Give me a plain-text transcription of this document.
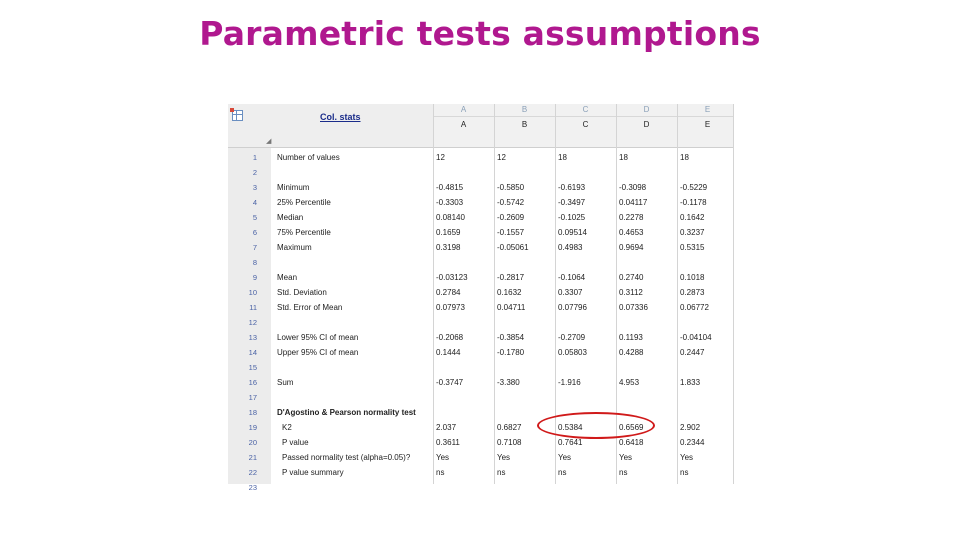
Parametric tests assumptions
Col. stats
◢
A
A
B
B
C
C
D
D
E
E
1	Number of values	12	12	18	18	18
2
3	Minimum	-0.4815	-0.5850	-0.6193	-0.3098	-0.5229
4	25% Percentile	-0.3303	-0.5742	-0.3497	0.04117	-0.1178
5	Median	0.08140	-0.2609	-0.1025	0.2278	0.1642
6	75% Percentile	0.1659	-0.1557	0.09514	0.4653	0.3237
7	Maximum	0.3198	-0.05061	0.4983	0.9694	0.5315
8
9	Mean	-0.03123	-0.2817	-0.1064	0.2740	0.1018
10	Std. Deviation	0.2784	0.1632	0.3307	0.3112	0.2873
11	Std. Error of Mean	0.07973	0.04711	0.07796	0.07336	0.06772
12
13	Lower 95% CI of mean	-0.2068	-0.3854	-0.2709	0.1193	-0.04104
14	Upper 95% CI of mean	0.1444	-0.1780	0.05803	0.4288	0.2447
15
16	Sum	-0.3747	-3.380	-1.916	4.953	1.833
17
18	D'Agostino & Pearson normality test
19	K2	2.037	0.6827	0.5384	0.6569	2.902
20	P value	0.3611	0.7108	0.7641	0.6418	0.2344
21	Passed normality test (alpha=0.05)?	Yes	Yes	Yes	Yes	Yes
22	P value summary	ns	ns	ns	ns	ns
23
